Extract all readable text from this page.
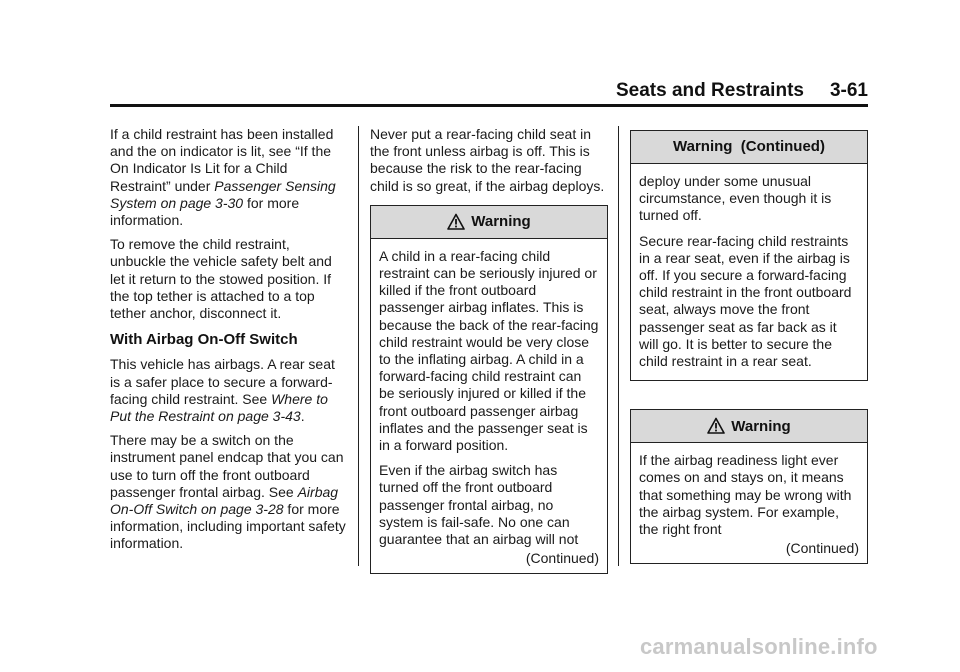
Seats and Restraints 3-61

If a child restraint has been installed and the on indicator is lit, see “If the On Indicator Is Lit for a Child Restraint” under Passenger Sensing System on page 3-30 for more information.

To remove the child restraint, unbuckle the vehicle safety belt and let it return to the stowed position. If the top tether is attached to a top tether anchor, disconnect it.

With Airbag On-Off Switch

This vehicle has airbags. A rear seat is a safer place to secure a forward-facing child restraint. See Where to Put the Restraint on page 3-43.

There may be a switch on the instrument panel endcap that you can use to turn off the front outboard passenger frontal airbag. See Airbag On-Off Switch on page 3-28 for more information, including important safety information.

Never put a rear-facing child seat in the front unless airbag is off. This is because the risk to the rear-facing child is so great, if the airbag deploys.

Warning

A child in a rear-facing child restraint can be seriously injured or killed if the front outboard passenger airbag inflates. This is because the back of the rear-facing child restraint would be very close to the inflating airbag. A child in a forward-facing child restraint can be seriously injured or killed if the front outboard passenger airbag inflates and the passenger seat is in a forward position.

Even if the airbag switch has turned off the front outboard passenger frontal airbag, no system is fail-safe. No one can guarantee that an airbag will not

(Continued)
Warning  (Continued)

deploy under some unusual circumstance, even though it is turned off.

Secure rear-facing child restraints in a rear seat, even if the airbag is off. If you secure a forward-facing child restraint in the front outboard seat, always move the front passenger seat as far back as it will go. It is better to secure the child restraint in a rear seat.

Warning

If the airbag readiness light ever comes on and stays on, it means that something may be wrong with the airbag system. For example, the right front

(Continued)
carmanualsonline.info
